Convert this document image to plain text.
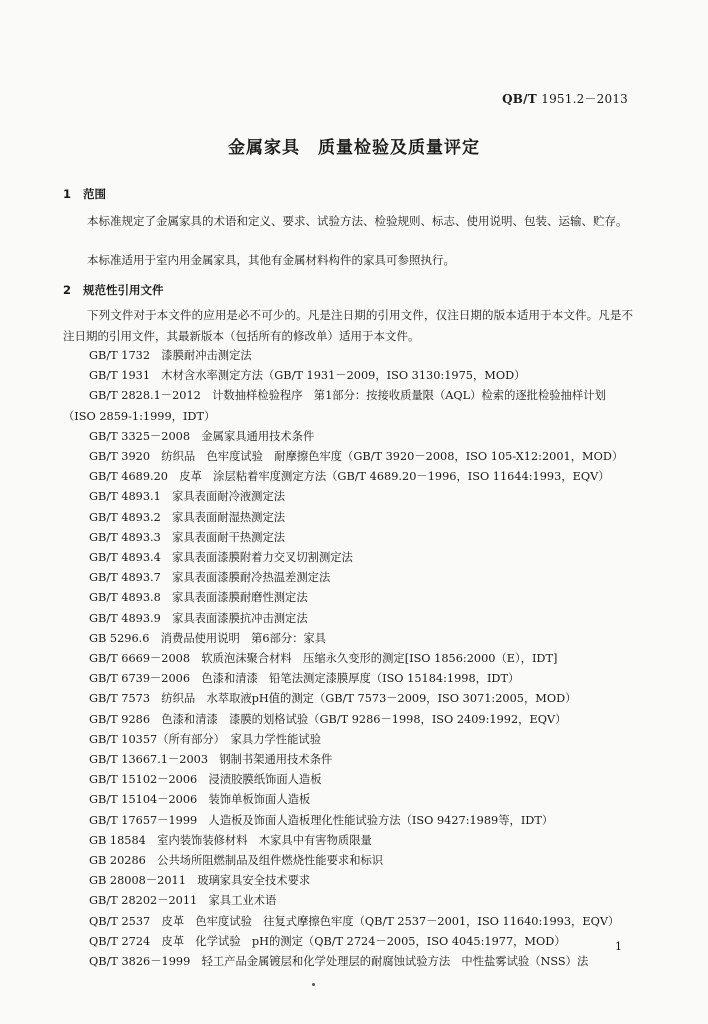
QB/T 1951.2－2013
金属家具　质量检验及质量评定
1 范围
本标准规定了金属家具的术语和定义、要求、试验方法、检验规则、标志、使用说明、包装、运输、贮存。
本标准适用于室内用金属家具，其他有金属材料构件的家具可参照执行。
2 规范性引用文件
下列文件对于本文件的应用是必不可少的。凡是注日期的引用文件，仅注日期的版本适用于本文件。凡是不注日期的引用文件，其最新版本（包括所有的修改单）适用于本文件。
GB/T 1732　漆膜耐冲击测定法
GB/T 1931　木材含水率测定方法（GB/T 1931－2009，ISO 3130:1975，MOD）
GB/T 2828.1－2012　计数抽样检验程序　第1部分：按接收质量限（AQL）检索的逐批检验抽样计划（ISO 2859-1:1999，IDT）
GB/T 3325－2008　金属家具通用技术条件
GB/T 3920　纺织品　色牢度试验　耐摩擦色牢度（GB/T 3920－2008，ISO 105-X12:2001，MOD）
GB/T 4689.20　皮革　涂层粘着牢度测定方法（GB/T 4689.20－1996，ISO 11644:1993，EQV）
GB/T 4893.1　家具表面耐冷液测定法
GB/T 4893.2　家具表面耐湿热测定法
GB/T 4893.3　家具表面耐干热测定法
GB/T 4893.4　家具表面漆膜附着力交叉切割测定法
GB/T 4893.7　家具表面漆膜耐冷热温差测定法
GB/T 4893.8　家具表面漆膜耐磨性测定法
GB/T 4893.9　家具表面漆膜抗冲击测定法
GB 5296.6　消费品使用说明　第6部分：家具
GB/T 6669－2008　软质泡沫聚合材料　压缩永久变形的测定[ISO 1856:2000（E），IDT]
GB/T 6739－2006　色漆和清漆　铅笔法测定漆膜厚度（ISO 15184:1998，IDT）
GB/T 7573　纺织品　水萃取液pH值的测定（GB/T 7573－2009，ISO 3071:2005，MOD）
GB/T 9286　色漆和清漆　漆膜的划格试验（GB/T 9286－1998，ISO 2409:1992，EQV）
GB/T 10357（所有部分）　家具力学性能试验
GB/T 13667.1－2003　钢制书架通用技术条件
GB/T 15102－2006　浸渍胶膜纸饰面人造板
GB/T 15104－2006　装饰单板饰面人造板
GB/T 17657－1999　人造板及饰面人造板理化性能试验方法（ISO 9427:1989等，IDT）
GB 18584　室内装饰装修材料　木家具中有害物质限量
GB 20286　公共场所阻燃制品及组件燃烧性能要求和标识
GB 28008－2011　玻璃家具安全技术要求
GB/T 28202－2011　家具工业术语
QB/T 2537　皮革　色牢度试验　往复式摩擦色牢度（QB/T 2537－2001，ISO 11640:1993，EQV）
QB/T 2724　皮革　化学试验　pH的测定（QB/T 2724－2005，ISO 4045:1977，MOD）
QB/T 3826－1999　轻工产品金属镀层和化学处理层的耐腐蚀试验方法　中性盐雾试验（NSS）法
1
